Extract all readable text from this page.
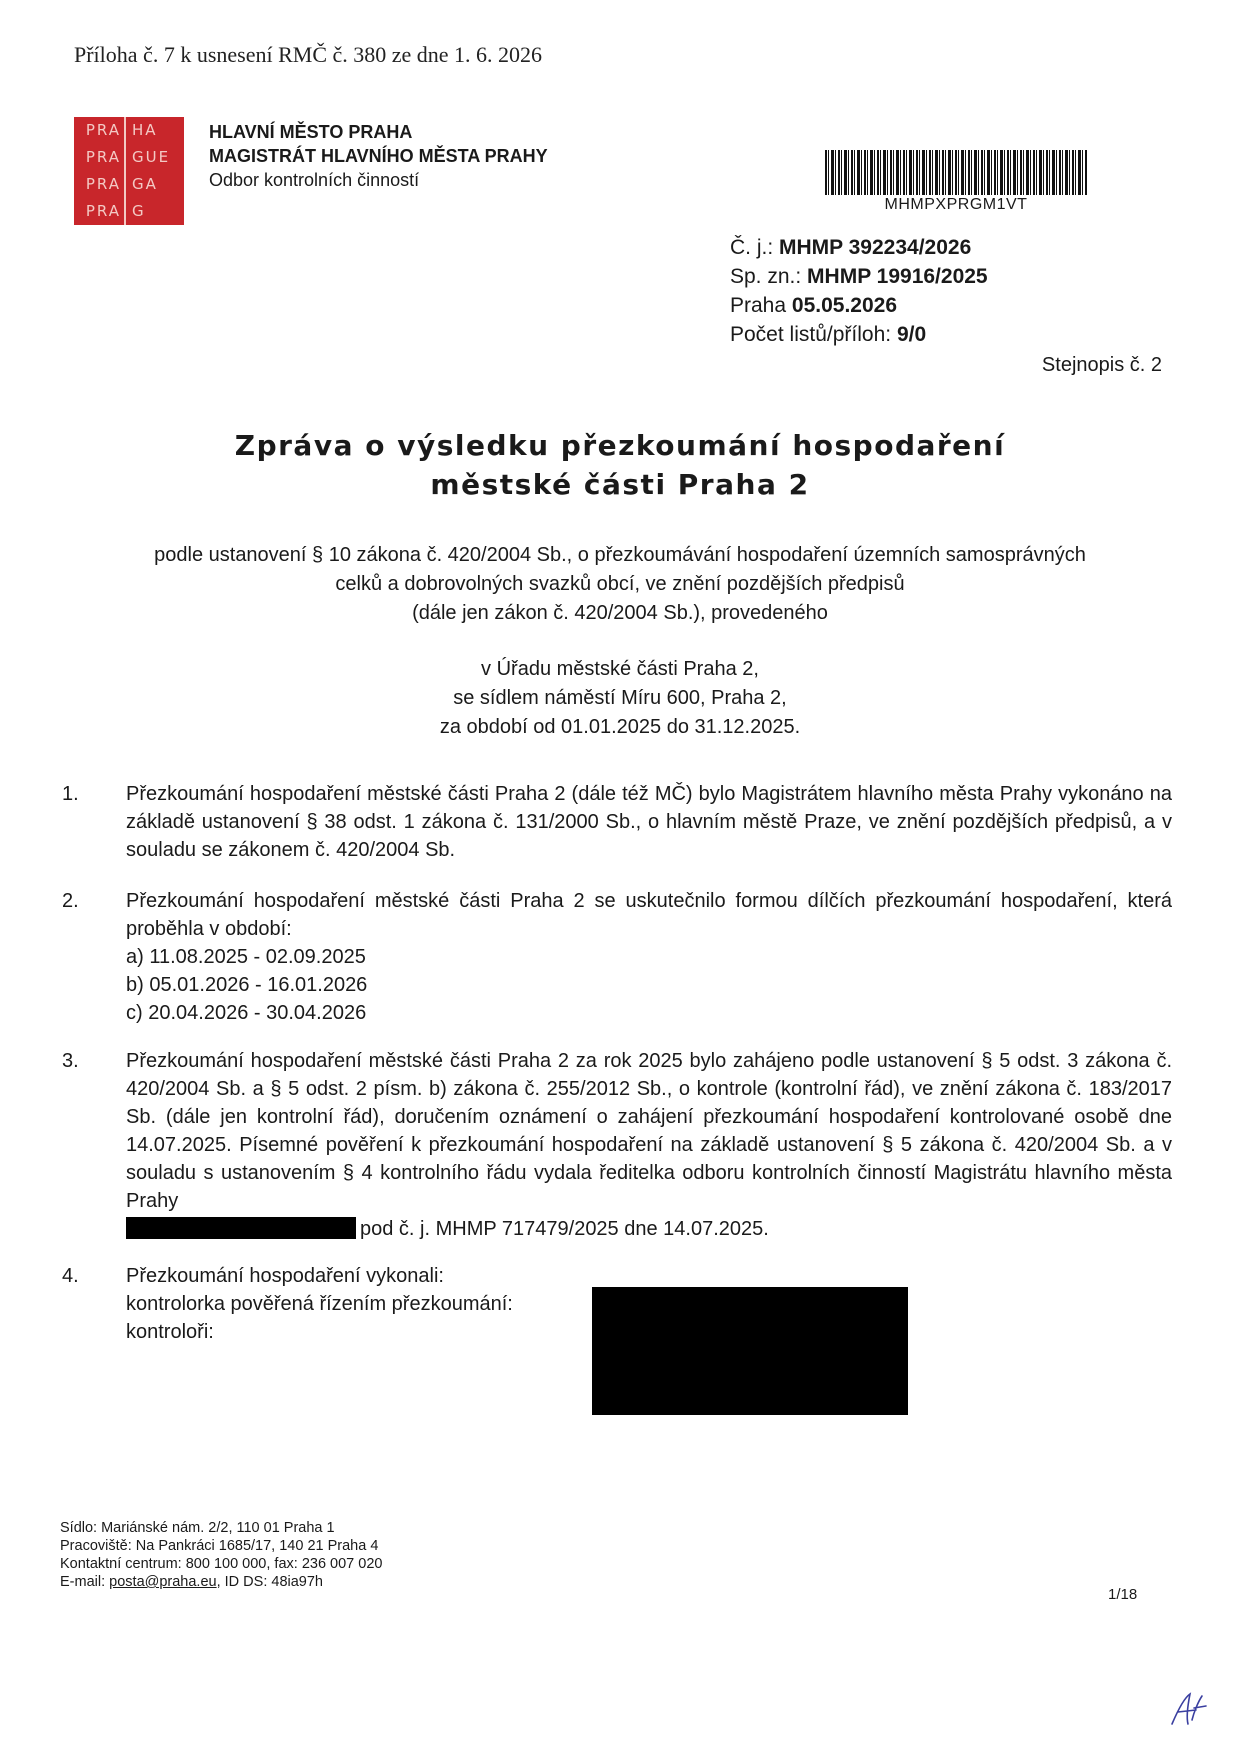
Příloha č. 7 k usnesení RMČ č. 380 ze dne 1. 6. 2026
PRA HA
PRA GUE
PRA GA
PRA G
HLAVNÍ MĚSTO PRAHA
MAGISTRÁT HLAVNÍHO MĚSTA PRAHY
Odbor kontrolních činností
MHMPXPRGM1VT
Č. j.: MHMP 392234/2026
Sp. zn.: MHMP 19916/2025
Praha 05.05.2026
Počet listů/příloh: 9/0
Stejnopis č. 2
Zpráva o výsledku přezkoumání hospodaření
městské části Praha 2
podle ustanovení § 10 zákona č. 420/2004 Sb., o přezkoumávání hospodaření územních samosprávných
celků a dobrovolných svazků obcí, ve znění pozdějších předpisů
(dále jen zákon č. 420/2004 Sb.), provedeného
v Úřadu městské části Praha 2,
se sídlem náměstí Míru 600, Praha 2,
za období od 01.01.2025 do 31.12.2025.
1.	Přezkoumání hospodaření městské části Praha 2 (dále též MČ) bylo Magistrátem hlavního města Prahy vykonáno na základě ustanovení § 38 odst. 1 zákona č. 131/2000 Sb., o hlavním městě Praze, ve znění pozdějších předpisů, a v souladu se zákonem č. 420/2004 Sb.
2.	Přezkoumání hospodaření městské části Praha 2 se uskutečnilo formou dílčích přezkoumání hospodaření, která proběhla v období:
a) 11.08.2025 - 02.09.2025
b) 05.01.2026 - 16.01.2026
c) 20.04.2026 - 30.04.2026
3.	Přezkoumání hospodaření městské části Praha 2 za rok 2025 bylo zahájeno podle ustanovení § 5 odst. 3 zákona č. 420/2004 Sb. a § 5 odst. 2 písm. b) zákona č. 255/2012 Sb., o kontrole (kontrolní řád), ve znění zákona č. 183/2017 Sb. (dále jen kontrolní řád), doručením oznámení o zahájení přezkoumání hospodaření kontrolované osobě dne 14.07.2025. Písemné pověření k přezkoumání hospodaření na základě ustanovení § 5 zákona č. 420/2004 Sb. a v souladu s ustanovením § 4 kontrolního řádu vydala ředitelka odboru kontrolních činností Magistrátu hlavního města Prahy
pod č. j. MHMP 717479/2025 dne 14.07.2025.
4.	Přezkoumání hospodaření vykonali:
kontrolorka pověřená řízením přezkoumání:
kontroloři:
Sídlo: Mariánské nám. 2/2, 110 01 Praha 1
Pracoviště: Na Pankráci 1685/17, 140 21 Praha 4
Kontaktní centrum: 800 100 000, fax: 236 007 020
E-mail: posta@praha.eu, ID DS: 48ia97h
1/18
